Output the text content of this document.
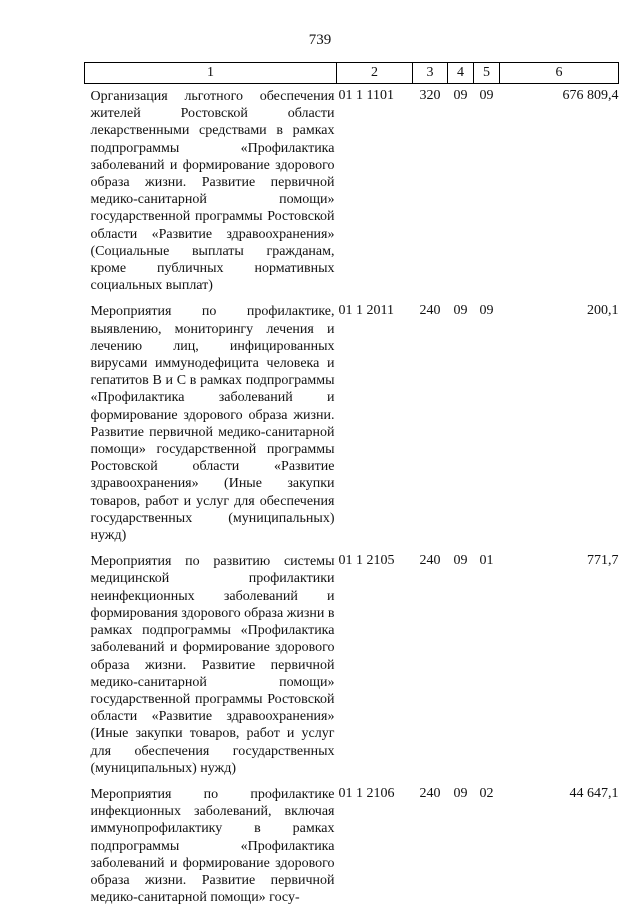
739
1	2	3	4	5	6
Организация льготного обеспечения жителей Ростовской области лекарственными средствами в рамках подпрограммы «Профилактика заболеваний и формирование здорового образа жизни. Развитие первичной медико-санитарной помощи» государственной программы Ростовской области «Развитие здравоохранения» (Социальные выплаты гражданам, кроме публичных нормативных социальных выплат)	01 1 1101	320	09	09	676 809,4
Мероприятия по профилактике, выявлению, мониторингу лечения и лечению лиц, инфицированных вирусами иммунодефицита человека и гепатитов B и C в рамках подпрограммы «Профилактика заболеваний и формирование здорового образа жизни. Развитие первичной медико-санитарной помощи» государственной программы Ростовской области «Развитие здравоохранения» (Иные закупки товаров, работ и услуг для обеспечения государственных (муниципальных) нужд)	01 1 2011	240	09	09	200,1
Мероприятия по развитию системы медицинской профилактики неинфекционных заболеваний и формирования здорового образа жизни в рамках подпрограммы «Профилактика заболеваний и формирование здорового образа жизни. Развитие первичной медико-санитарной помощи» государственной программы Ростовской области «Развитие здравоохранения» (Иные закупки товаров, работ и услуг для обеспечения государственных (муниципальных) нужд)	01 1 2105	240	09	01	771,7
Мероприятия по профилактике инфекционных заболеваний, включая иммунопрофилактику в рамках подпрограммы «Профилактика заболеваний и формирование здорового образа жизни. Развитие первичной медико-санитарной помощи» госу-	01 1 2106	240	09	02	44 647,1
